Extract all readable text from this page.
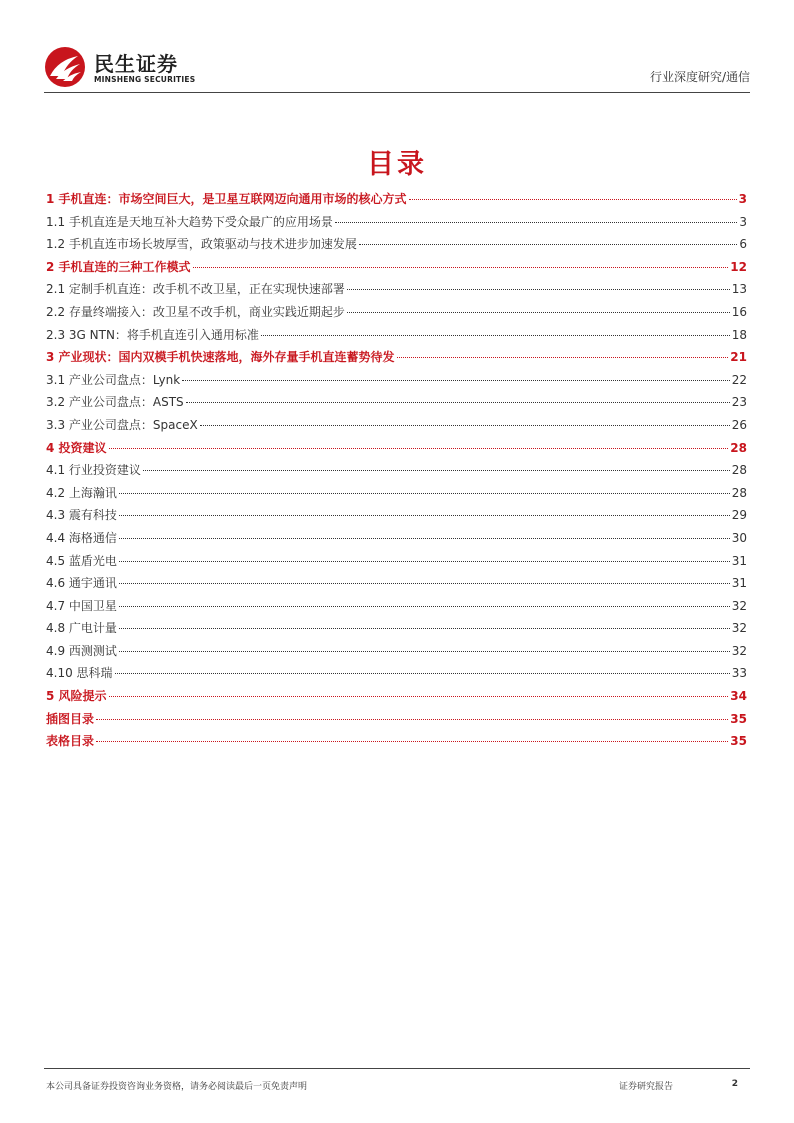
民生证券
MINSHENG SECURITIES	行业深度研究/通信
目录
1 手机直连：市场空间巨大，是卫星互联网迈向通用市场的核心方式	3
1.1 手机直连是天地互补大趋势下受众最广的应用场景	3
1.2 手机直连市场长坡厚雪，政策驱动与技术进步加速发展	6
2 手机直连的三种工作模式	12
2.1 定制手机直连：改手机不改卫星，正在实现快速部署	13
2.2 存量终端接入：改卫星不改手机，商业实践近期起步	16
2.3 3G NTN：将手机直连引入通用标准	18
3 产业现状：国内双模手机快速落地，海外存量手机直连蓄势待发	21
3.1 产业公司盘点：Lynk	22
3.2 产业公司盘点：ASTS	23
3.3 产业公司盘点：SpaceX	26
4 投资建议	28
4.1 行业投资建议	28
4.2 上海瀚讯	28
4.3 震有科技	29
4.4 海格通信	30
4.5 蓝盾光电	31
4.6 通宇通讯	31
4.7 中国卫星	32
4.8 广电计量	32
4.9 西测测试	32
4.10 思科瑞	33
5 风险提示	34
插图目录	35
表格目录	35
本公司具备证券投资咨询业务资格，请务必阅读最后一页免责声明	证券研究报告	2
